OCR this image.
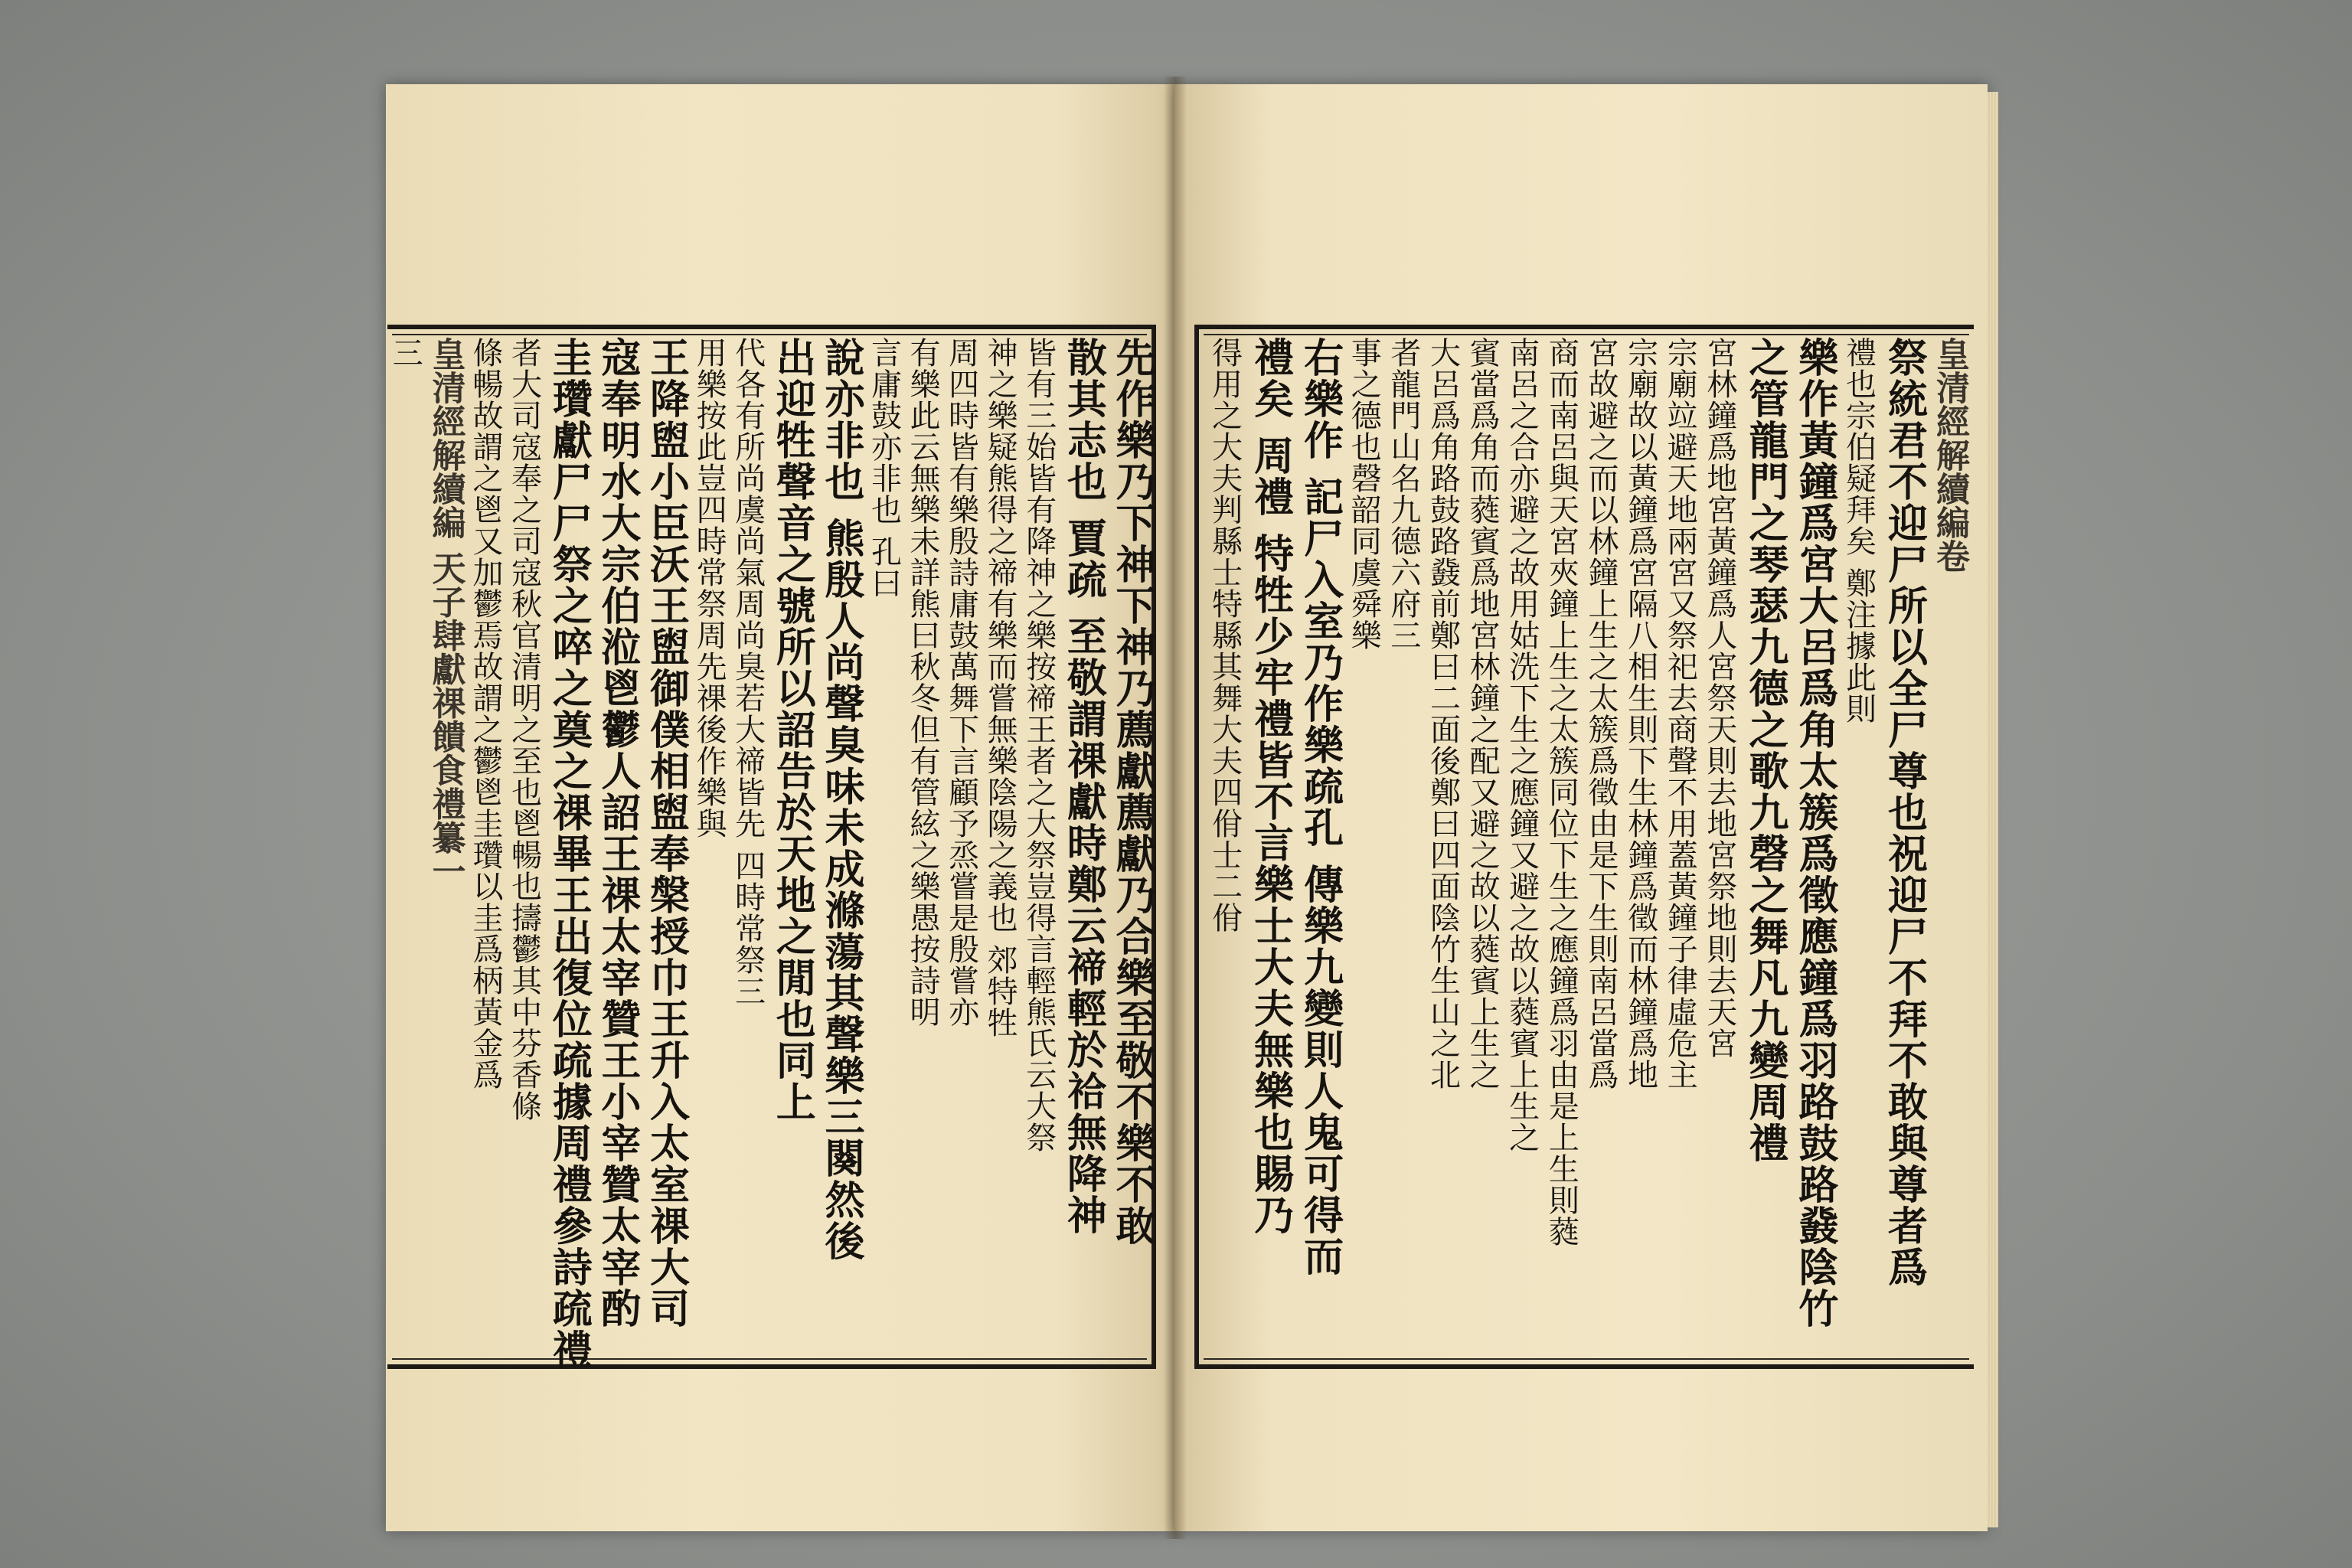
皇清經解續編卷
祭統君不迎尸所以全尸尊也祝迎尸不拜不敢與尊者爲
禮也宗伯疑拜矣 鄭注據此則
樂作黃鐘爲宮大呂爲角太簇爲徵應鐘爲羽路鼓路鼗陰竹
之管龍門之琴瑟九德之歌九磬之舞凡九變周禮
宮林鐘爲地宮黃鐘爲人宮祭天則去地宮祭地則去天宮
宗廟竝避天地兩宮又祭祀去商聲不用蓋黃鐘子律虛危主
宗廟故以黃鐘爲宮隔八相生則下生林鐘爲徵而林鐘爲地
宮故避之而以林鐘上生之太簇爲徵由是下生則南呂當爲
商而南呂與天宮夾鐘上生之太簇同位下生之應鐘爲羽由是上生則蕤
南呂之合亦避之故用姑洗下生之應鐘又避之故以蕤賓上生之
賓當爲角而蕤賓爲地宮林鐘之配又避之故以蕤賓上生之
大呂爲角路鼓路鼗前鄭曰二面後鄭曰四面陰竹生山之北
者龍門山名九德六府三
事之德也磬韶同虞舜樂
右樂作 記尸入室乃作樂疏孔 傳樂九變則人鬼可得而
禮矣 周禮 特牲少牢禮皆不言樂士大夫無樂也賜乃
得用之大夫判縣士特縣其舞大夫四佾士二佾
先作樂乃下神下神乃薦獻薦獻乃合樂至敬不樂不敢
散其志也 賈疏 至敬謂祼獻時鄭云禘輕於祫無降神
皆有三始皆有降神之樂按禘王者之大祭豈得言輕熊氏云大祭
神之樂疑熊得之禘有樂而嘗無樂陰陽之義也 郊特牲
周四時皆有樂殷詩庸鼓萬舞下言顧予烝嘗是殷嘗亦
有樂此云無樂未詳熊曰秋冬但有管絃之樂愚按詩明
言庸鼓亦非也 孔曰
說亦非也 熊殷人尚聲臭味未成滌蕩其聲樂三闋然後
出迎牲聲音之號所以詔告於天地之閒也同上
代各有所尚虞尚氣周尚臭若大禘皆先 四時常祭三
用樂按此豈四時常祭周先祼後作樂與
王降盥小臣沃王盥御僕相盥奉槃授巾王升入太室祼大司
寇奉明水大宗伯涖鬯鬱人詔王祼太宰贊王小宰贊太宰酌
圭瓚獻尸尸祭之啐之奠之祼畢王出復位疏據周禮參詩疏禮
者大司寇奉之司寇秋官清明之至也鬯暢也擣鬱其中芬香條
條暢故謂之鬯又加鬱焉故謂之鬱鬯圭瓚以圭爲柄黃金爲
皇清經解續編 天子肆獻祼饋食禮纂一
三
